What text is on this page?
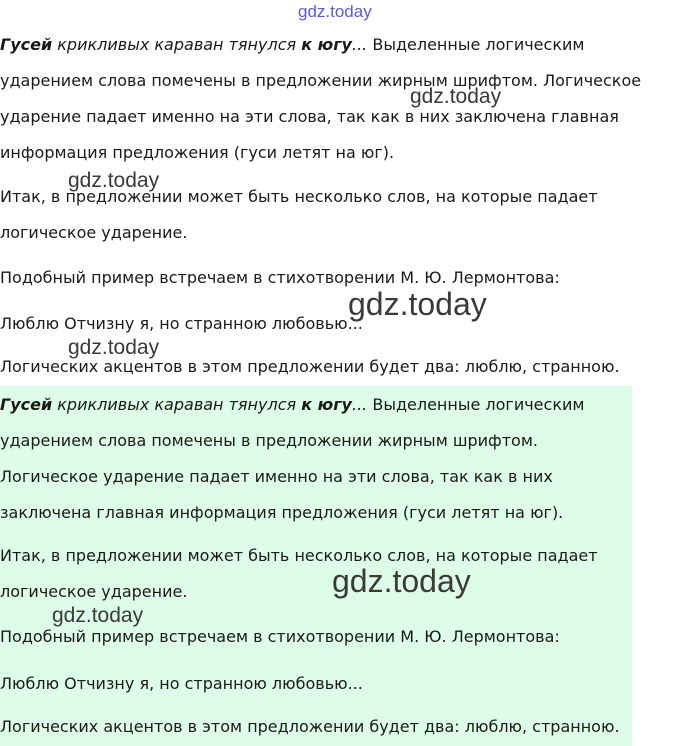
gdz.today

Гусей крикливых караван тянулся к югу... Выделенные логическим ударением слова помечены в предложении жирным шрифтом. Логическое ударение падает именно на эти слова, так как в них заключена главная информация предложения (гуси летят на юг).

Итак, в предложении может быть несколько слов, на которые падает логическое ударение.

Подобный пример встречаем в стихотворении М. Ю. Лермонтова:

Люблю Отчизну я, но странною любовью...

Логических акцентов в этом предложении будет два: люблю, странною.

Гусей крикливых караван тянулся к югу... Выделенные логическим ударением слова помечены в предложении жирным шрифтом. Логическое ударение падает именно на эти слова, так как в них заключена главная информация предложения (гуси летят на юг).

Итак, в предложении может быть несколько слов, на которые падает логическое ударение.

Подобный пример встречаем в стихотворении М. Ю. Лермонтова:

Люблю Отчизну я, но странною любовью...

Логических акцентов в этом предложении будет два: люблю, странною.

gdz.today
gdz.today
gdz.today
gdz.today
gdz.today
gdz.today
